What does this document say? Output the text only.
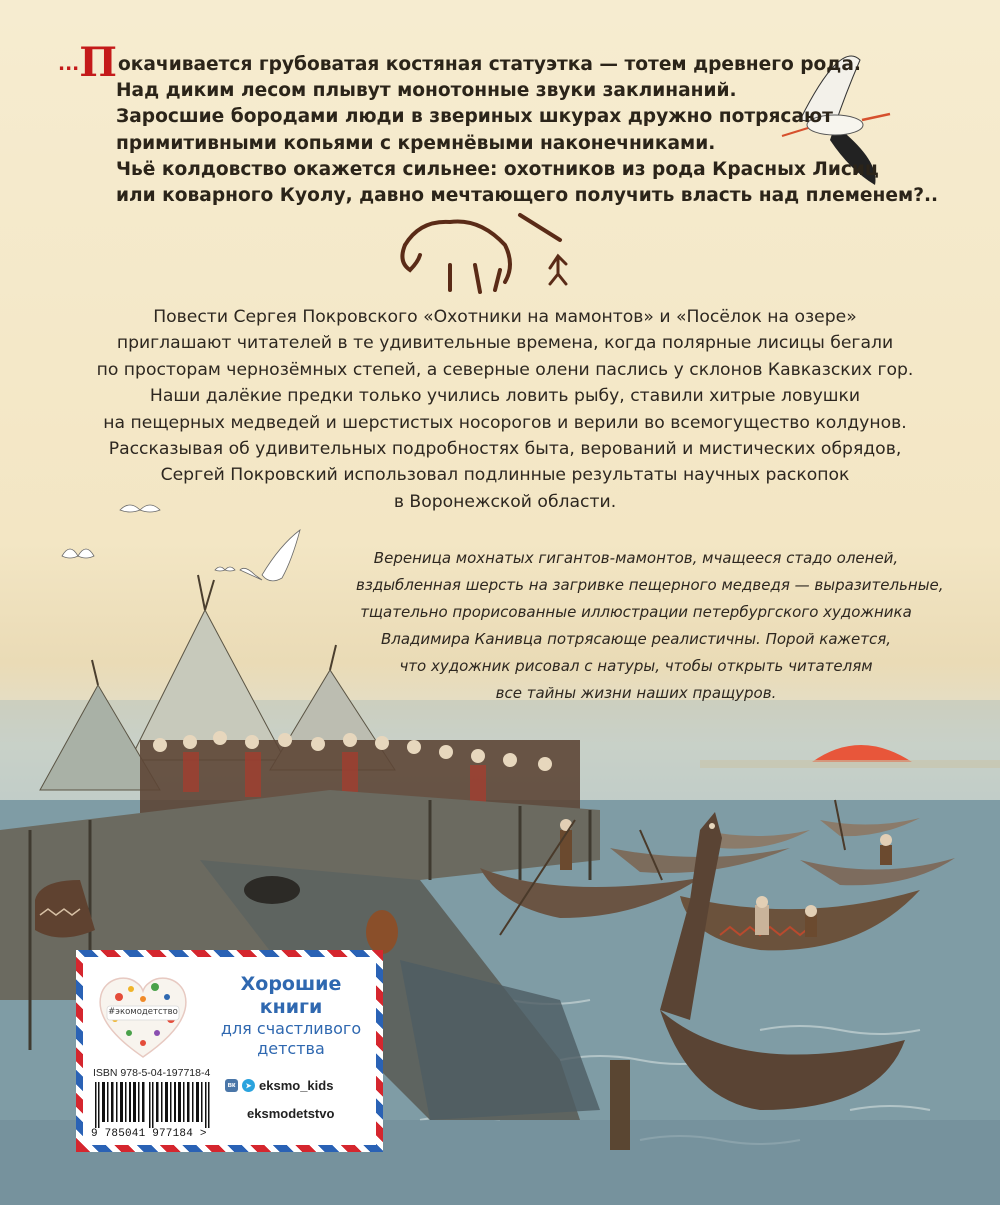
...Покачивается грубоватая костяная статуэтка — тотем древнего рода.
Над диким лесом плывут монотонные звуки заклинаний.
Заросшие бородами люди в звериных шкурах дружно потрясают
примитивными копьями с кремнёвыми наконечниками.
Чьё колдовство окажется сильнее: охотников из рода Красных Лисиц
или коварного Куолу, давно мечтающего получить власть над племенем?..
Повести Сергея Покровского «Охотники на мамонтов» и «Посёлок на озере»
приглашают читателей в те удивительные времена, когда полярные лисицы бегали
по просторам чернозёмных степей, а северные олени паслись у склонов Кавказских гор.
Наши далёкие предки только учились ловить рыбу, ставили хитрые ловушки
на пещерных медведей и шерстистых носорогов и верили во всемогущество колдунов.
Рассказывая об удивительных подробностях быта, верований и мистических обрядов,
Сергей Покровский использовал подлинные результаты научных раскопок
в Воронежской области.
Вереница мохнатых гигантов-мамонтов, мчащееся стадо оленей,
вздыбленная шерсть на загривке пещерного медведя — выразительные,
тщательно прорисованные иллюстрации петербургского художника
Владимира Канивца потрясающе реалистичны. Порой кажется,
что художник рисовал с натуры, чтобы открыть читателям
все тайны жизни наших пращуров.
#экомодетство
Хорошие
книги
для счастливого
детства
ISBN 978-5-04-197718-4
9 785041 977184 >
вк	➤ eksmo_kids
eksmodetstvo
